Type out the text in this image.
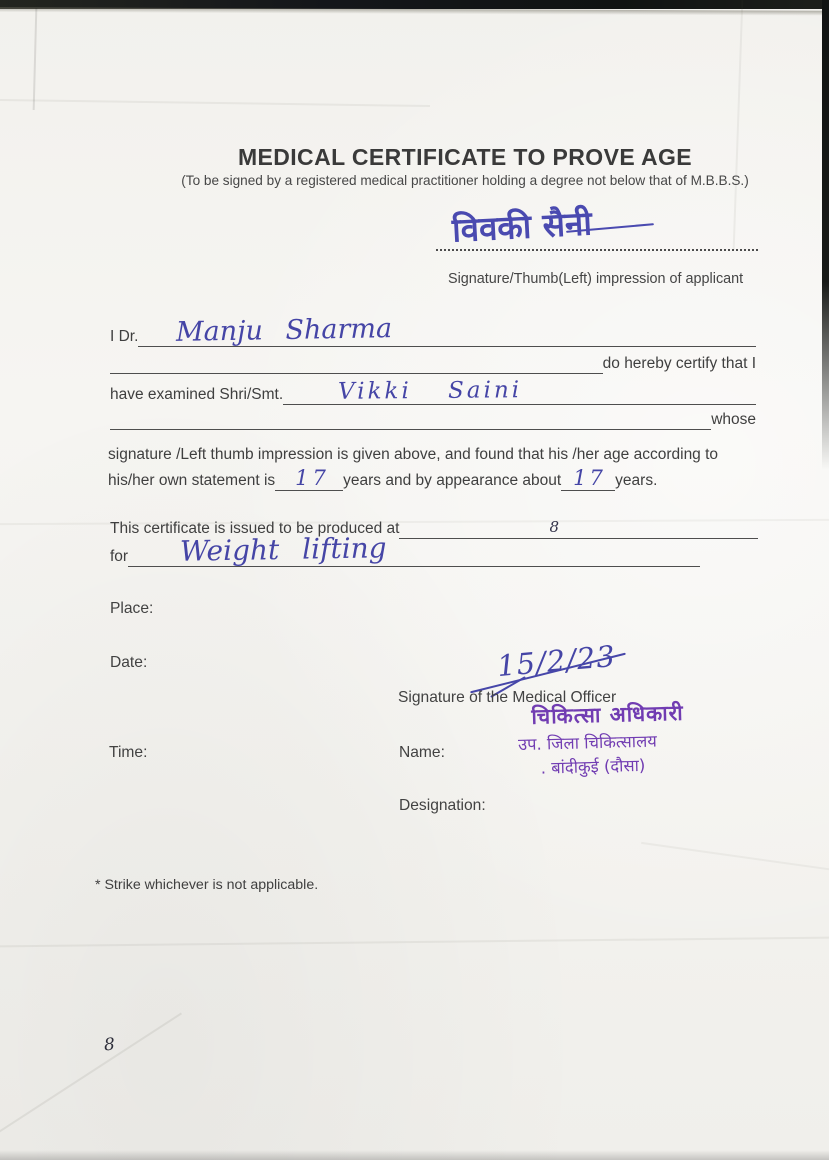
MEDICAL CERTIFICATE TO PROVE AGE
(To be signed by a registered medical practitioner holding a degree not below that of M.B.B.S.)
विवकी सैनी
Signature/Thumb(Left) impression of applicant
I Dr. Manju Sharma
do hereby certify that I
have examined Shri/Smt. Vikki Saini
whose
signature /Left thumb impression is given above, and found that his /her age according to
his/her own statement is 17 years and by appearance about 17 years.
This certificate is issued to be produced at	8
for Weight lifting
Place:
Date:
Time:	Name:
Designation:
15/2/23
Signature of the Medical Officer
चिकित्सा अधिकारी
उप. जिला चिकित्सालय
. बांदीकुई (दौसा)
* Strike whichever is not applicable.
8
